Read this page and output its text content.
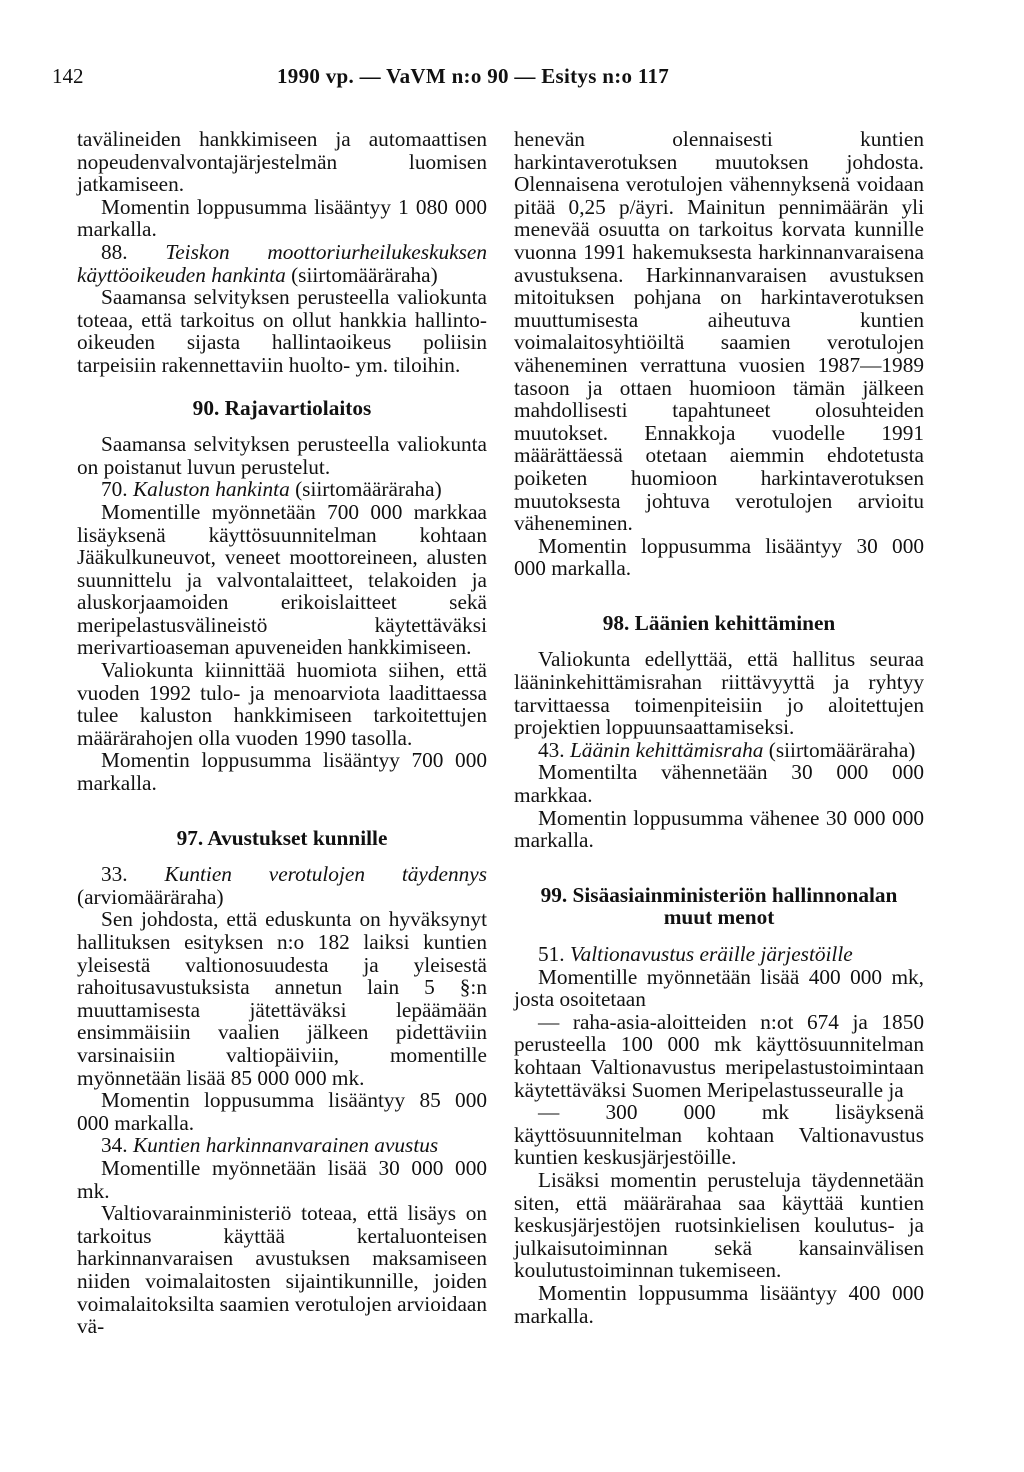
142	1990 vp. — VaVM n:o 90 — Esitys n:o 117

tavälineiden hankkimiseen ja automaattisen nopeudenvalvontajärjestelmän luomisen jatkamiseen.

Momentin loppusumma lisääntyy 1 080 000 markalla.

88. Teiskon moottoriurheilukeskuksen käyttöoikeuden hankinta (siirtomääräraha)

Saamansa selvityksen perusteella valiokunta toteaa, että tarkoitus on ollut hankkia hallinto-oikeuden sijasta hallintaoikeus poliisin tarpeisiin rakennettaviin huolto- ym. tiloihin.

90. Rajavartiolaitos

Saamansa selvityksen perusteella valiokunta on poistanut luvun perustelut.

70. Kaluston hankinta (siirtomääräraha)

Momentille myönnetään 700 000 markkaa lisäyksenä käyttösuunnitelman kohtaan Jääkulkuneuvot, veneet moottoreineen, alusten suunnittelu ja valvontalaitteet, telakoiden ja aluskorjaamoiden erikoislaitteet sekä meripelastusvälineistö käytettäväksi merivartioaseman apuveneiden hankkimiseen.

Valiokunta kiinnittää huomiota siihen, että vuoden 1992 tulo- ja menoarviota laadittaessa tulee kaluston hankkimiseen tarkoitettujen määrärahojen olla vuoden 1990 tasolla.

Momentin loppusumma lisääntyy 700 000 markalla.

97. Avustukset kunnille

33. Kuntien verotulojen täydennys (arviomääräraha)

Sen johdosta, että eduskunta on hyväksynyt hallituksen esityksen n:o 182 laiksi kuntien yleisestä valtionosuudesta ja yleisestä rahoitusavustuksista annetun lain 5 §:n muuttamisesta jätettäväksi lepäämään ensimmäisiin vaalien jälkeen pidettäviin varsinaisiin valtiopäiviin, momentille myönnetään lisää 85 000 000 mk.

Momentin loppusumma lisääntyy 85 000 000 markalla.

34. Kuntien harkinnanvarainen avustus

Momentille myönnetään lisää 30 000 000 mk.

Valtiovarainministeriö toteaa, että lisäys on tarkoitus käyttää kertaluonteisen harkinnanvaraisen avustuksen maksamiseen niiden voimalaitosten sijaintikunnille, joiden voimalaitoksilta saamien verotulojen arvioidaan vä-

henevän olennaisesti kuntien harkintaverotuksen muutoksen johdosta. Olennaisena verotulojen vähennyksenä voidaan pitää 0,25 p/äyri. Mainitun pennimäärän yli menevää osuutta on tarkoitus korvata kunnille vuonna 1991 hakemuksesta harkinnanvaraisena avustuksena. Harkinnanvaraisen avustuksen mitoituksen pohjana on harkintaverotuksen muuttumisesta aiheutuva kuntien voimalaitosyhtiöiltä saamien verotulojen väheneminen verrattuna vuosien 1987—1989 tasoon ja ottaen huomioon tämän jälkeen mahdollisesti tapahtuneet olosuhteiden muutokset. Ennakkoja vuodelle 1991 määrättäessä otetaan aiemmin ehdotetusta poiketen huomioon harkintaverotuksen muutoksesta johtuva verotulojen arvioitu väheneminen.

Momentin loppusumma lisääntyy 30 000 000 markalla.

98. Läänien kehittäminen

Valiokunta edellyttää, että hallitus seuraa lääninkehittämisrahan riittävyyttä ja ryhtyy tarvittaessa toimenpiteisiin jo aloitettujen projektien loppuunsaattamiseksi.

43. Läänin kehittämisraha (siirtomääräraha)

Momentilta vähennetään 30 000 000 markkaa.

Momentin loppusumma vähenee 30 000 000 markalla.

99. Sisäasiainministeriön hallinnonalan muut menot

51. Valtionavustus eräille järjestöille

Momentille myönnetään lisää 400 000 mk, josta osoitetaan

— raha-asia-aloitteiden n:ot 674 ja 1850 perusteella 100 000 mk käyttösuunnitelman kohtaan Valtionavustus meripelastustoimintaan käytettäväksi Suomen Meripelastusseuralle ja

— 300 000 mk lisäyksenä käyttösuunnitelman kohtaan Valtionavustus kuntien keskusjärjestöille.

Lisäksi momentin perusteluja täydennetään siten, että määrärahaa saa käyttää kuntien keskusjärjestöjen ruotsinkielisen koulutus- ja julkaisutoiminnan sekä kansainvälisen koulutustoiminnan tukemiseen.

Momentin loppusumma lisääntyy 400 000 markalla.
